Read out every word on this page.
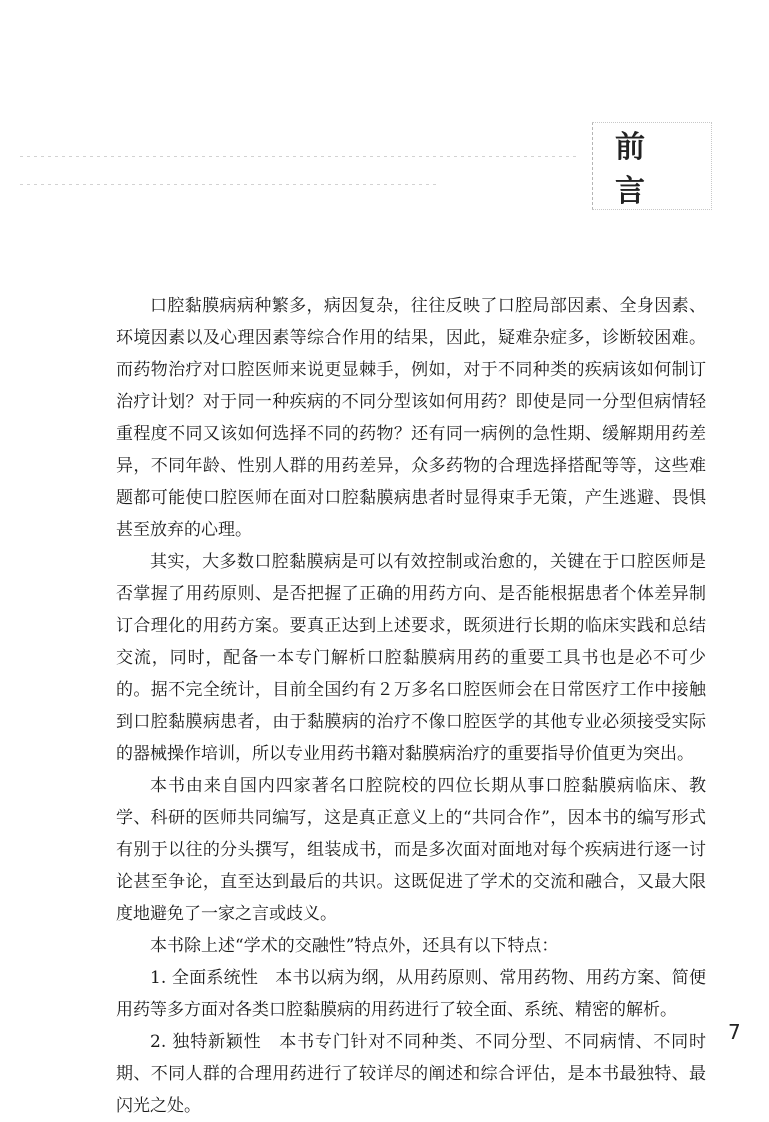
前 言

口腔黏膜病病种繁多，病因复杂，往往反映了口腔局部因素、全身因素、环境因素以及心理因素等综合作用的结果，因此，疑难杂症多，诊断较困难。而药物治疗对口腔医师来说更显棘手，例如，对于不同种类的疾病该如何制订治疗计划？对于同一种疾病的不同分型该如何用药？即使是同一分型但病情轻重程度不同又该如何选择不同的药物？还有同一病例的急性期、缓解期用药差异，不同年龄、性别人群的用药差异，众多药物的合理选择搭配等等，这些难题都可能使口腔医师在面对口腔黏膜病患者时显得束手无策，产生逃避、畏惧甚至放弃的心理。

其实，大多数口腔黏膜病是可以有效控制或治愈的，关键在于口腔医师是否掌握了用药原则、是否把握了正确的用药方向、是否能根据患者个体差异制订合理化的用药方案。要真正达到上述要求，既须进行长期的临床实践和总结交流，同时，配备一本专门解析口腔黏膜病用药的重要工具书也是必不可少的。据不完全统计，目前全国约有２万多名口腔医师会在日常医疗工作中接触到口腔黏膜病患者，由于黏膜病的治疗不像口腔医学的其他专业必须接受实际的器械操作培训，所以专业用药书籍对黏膜病治疗的重要指导价值更为突出。

本书由来自国内四家著名口腔院校的四位长期从事口腔黏膜病临床、教学、科研的医师共同编写，这是真正意义上的“共同合作”，因本书的编写形式有别于以往的分头撰写，组装成书，而是多次面对面地对每个疾病进行逐一讨论甚至争论，直至达到最后的共识。这既促进了学术的交流和融合，又最大限度地避免了一家之言或歧义。

本书除上述“学术的交融性”特点外，还具有以下特点：

1. 全面系统性　本书以病为纲，从用药原则、常用药物、用药方案、简便用药等多方面对各类口腔黏膜病的用药进行了较全面、系统、精密的解析。

2. 独特新颖性　本书专门针对不同种类、不同分型、不同病情、不同时期、不同人群的合理用药进行了较详尽的阐述和综合评估，是本书最独特、最闪光之处。

7
